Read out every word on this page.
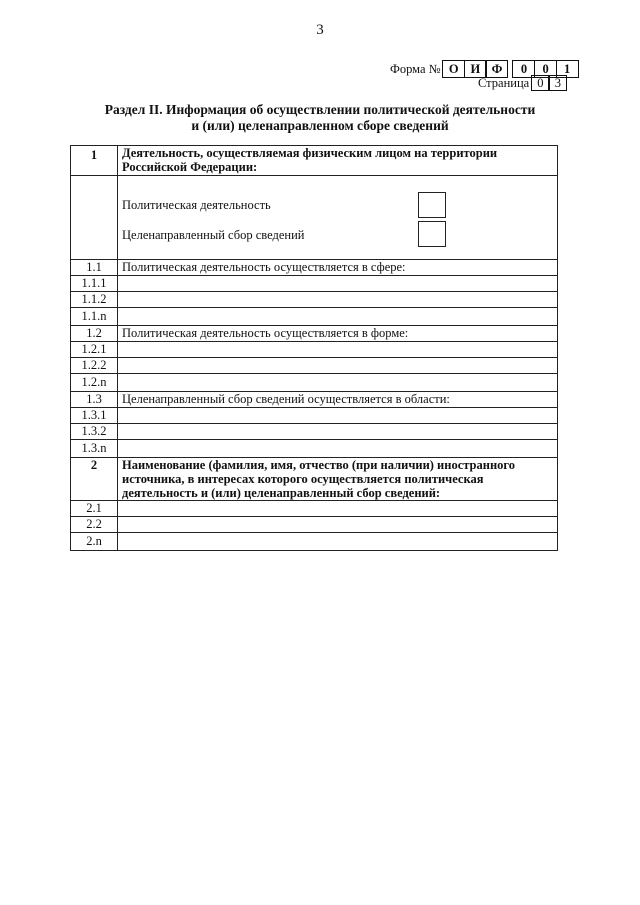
3
Форма № О И Ф	0	0	1
Страница 0 3
Раздел II. Информация об осуществлении политической деятельности
и (или) целенаправленном сборе сведений
1	Деятельность, осуществляемая физическим лицом на территории Российской Федерации:

	Политическая деятельность
Целенаправленный сбор сведений

1.1	Политическая деятельность осуществляется в сфере:
1.1.1	
1.1.2	
1.1.n	
1.2	Политическая деятельность осуществляется в форме:
1.2.1	
1.2.2	
1.2.n	
1.3	Целенаправленный сбор сведений осуществляется в области:
1.3.1	
1.3.2	
1.3.n	
2	Наименование (фамилия, имя, отчество (при наличии) иностранного источника, в интересах которого осуществляется политическая деятельность и (или) целенаправленный сбор сведений:
2.1	
2.2	
2.n	
